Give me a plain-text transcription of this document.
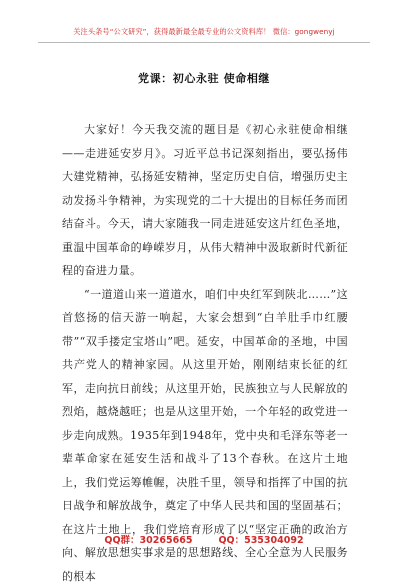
关注头条号“公文研究”，获得最新最全最专业的公文资料库！ 微信：gongwenyj
党课：初心永驻 使命相继

大家好！今天我交流的题目是《初心永驻使命相继——走进延安岁月》。习近平总书记深刻指出，要弘扬伟大建党精神，弘扬延安精神，坚定历史自信，增强历史主动发扬斗争精神，为实现党的二十大提出的目标任务而团结奋斗。今天，请大家随我一同走进延安这片红色圣地，重温中国革命的峥嵘岁月，从伟大精神中汲取新时代新征程的奋进力量。

“一道道山来一道道水，咱们中央红军到陕北……”这首悠扬的信天游一响起，大家会想到“白羊肚手巾红腰带”“双手搂定宝塔山”吧。延安，中国革命的圣地，中国共产党人的精神家园。从这里开始，刚刚结束长征的红军，走向抗日前线；从这里开始，民族独立与人民解放的烈焰，越烧越旺；也是从这里开始，一个年轻的政党进一步走向成熟。1935年到1948年，党中央和毛泽东等老一辈革命家在延安生活和战斗了13个春秋。在这片土地上，我们党运筹帷幄，决胜千里，领导和指挥了中国的抗日战争和解放战争，奠定了中华人民共和国的坚固基石；在这片土地上，我们党培育形成了以“坚定正确的政治方向、解放思想实事求是的思想路线、全心全意为人民服务的根本

QQ群：30265665	QQ：535304092
